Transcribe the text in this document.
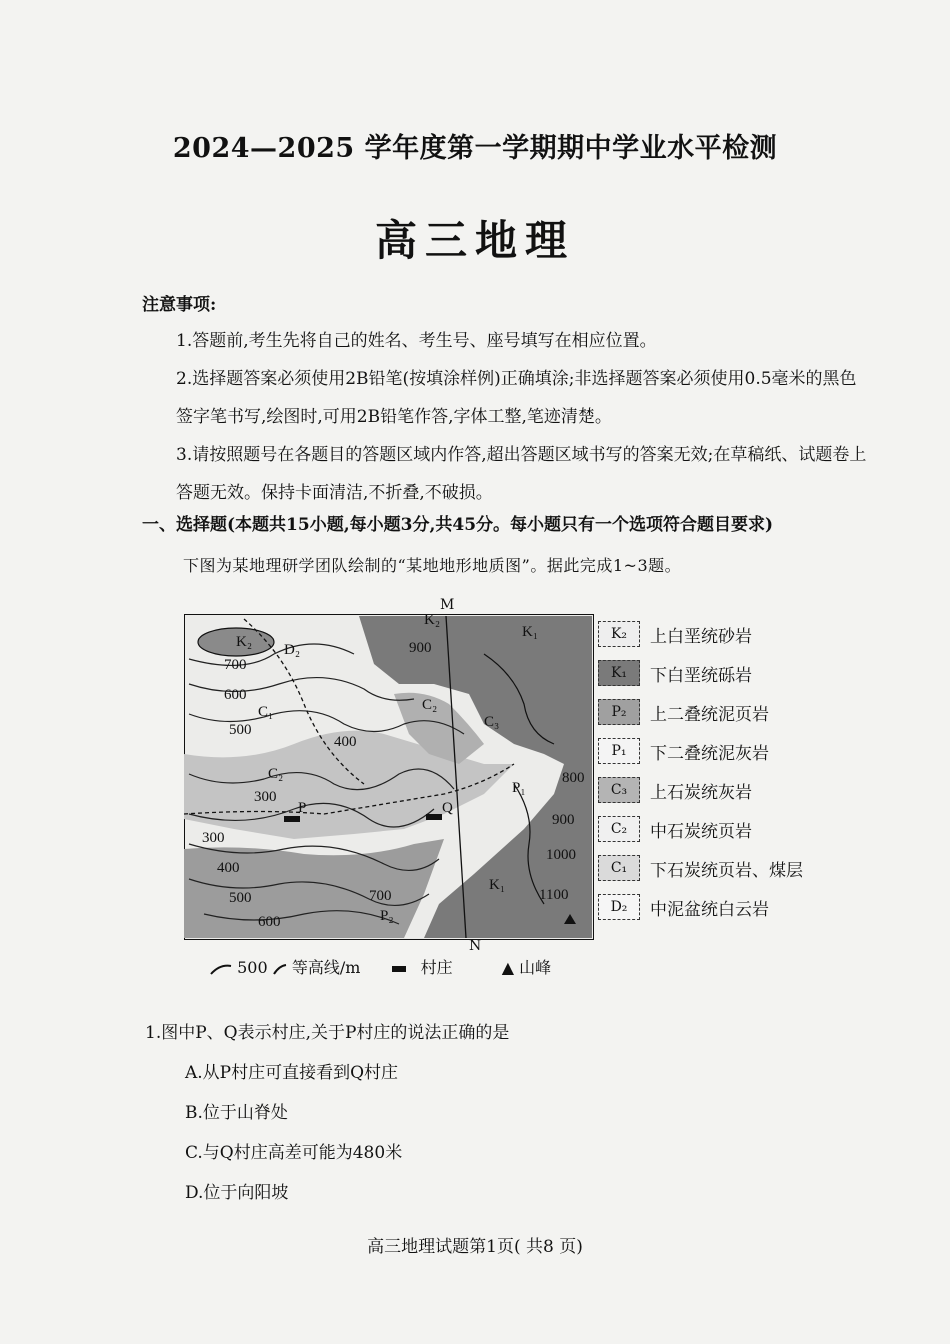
2024—2025 学年度第一学期期中学业水平检测
高三地理
注意事项:
1.答题前,考生先将自己的姓名、考生号、座号填写在相应位置。
2.选择题答案必须使用2B铅笔(按填涂样例)正确填涂;非选择题答案必须使用0.5毫米的黑色签字笔书写,绘图时,可用2B铅笔作答,字体工整,笔迹清楚。
3.请按照题号在各题目的答题区域内作答,超出答题区域书写的答案无效;在草稿纸、试题卷上答题无效。保持卡面清洁,不折叠,不破损。
一、选择题(本题共15小题,每小题3分,共45分。每小题只有一个选项符合题目要求)
下图为某地理研学团队绘制的“某地地形地质图”。据此完成1~3题。
700
600
500
400
300
300
400
500
600
700
900
800
900
1000
1100
K₂ D₂
C₁
C₂
P	Q
C₂
C₃
P₁
K₁
K₁
P₂
K₂
M
N
K₂	上白垩统砂岩
K₁	下白垩统砾岩
P₂	上二叠统泥页岩
P₁	下二叠统泥灰岩
C₃	上石炭统灰岩
C₂	中石炭统页岩
C₁	下石炭统页岩、煤层
D₂	中泥盆统白云岩
500 等高线/m	村庄	▲ 山峰
1.图中P、Q表示村庄,关于P村庄的说法正确的是
A.从P村庄可直接看到Q村庄
B.位于山脊处
C.与Q村庄高差可能为480米
D.位于向阳坡
高三地理试题第1页( 共8 页)
